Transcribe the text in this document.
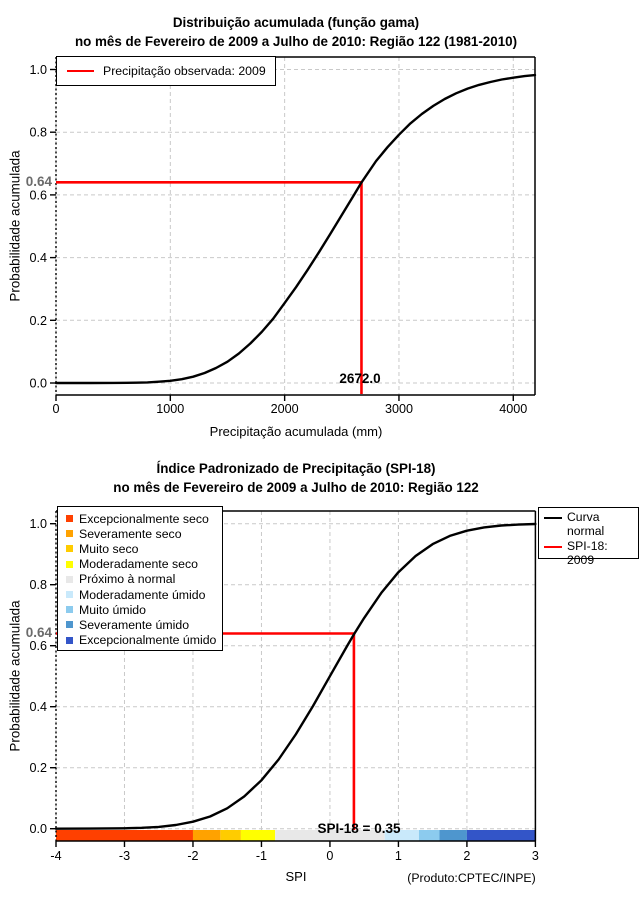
0	1000	2000	3000	4000
0.0
0.2
0.4
0.6
0.8
1.0
-4	-3	-2	-1	0	1	2	3
0.0
0.2
0.4
0.6
0.8
1.0
Distribuição acumulada (função gama)
no mês de Fevereiro de 2009 a Julho de 2010: Região 122 (1981-2010)
Precipitação observada: 2009
Probabilidade acumulada
Precipitação acumulada (mm)
0.64
2672.0
Índice Padronizado de Precipitação (SPI-18)
no mês de Fevereiro de 2009 a Julho de 2010: Região 122
Excepcionalmente seco
Severamente seco
Muito seco
Moderadamente seco
Próximo à normal
Moderadamente úmido
Muito úmido
Severamente úmido
Excepcionalmente úmido
Curva normal
SPI-18: 2009
Probabilidade acumulada
SPI
0.64
SPI-18 = 0.35
(Produto:CPTEC/INPE)
